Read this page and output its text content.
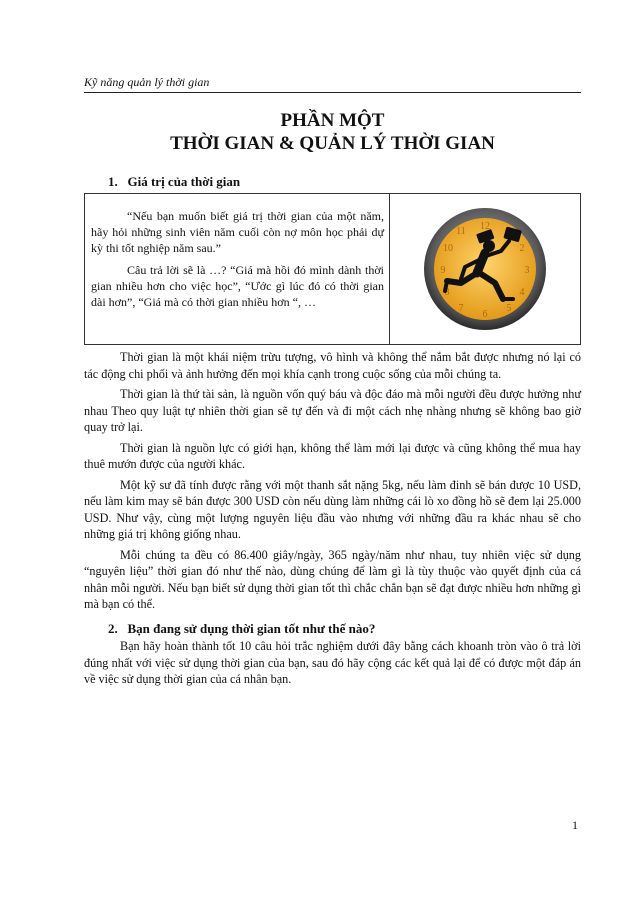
Kỹ năng quản lý thời gian
PHẦN MỘT
THỜI GIAN & QUẢN LÝ THỜI GIAN
1. Giá trị của thời gian

“Nếu bạn muốn biết giá trị thời gian của một năm, hãy hỏi những sinh viên năm cuối còn nợ môn học phải dự kỳ thi tốt nghiệp năm sau.”

Câu trả lời sẽ là …? “Giá mà hồi đó mình dành thời gian nhiều hơn cho việc học”, “Ước gì lúc đó có thời gian dài hơn”, “Giá mà có thời gian nhiều hơn “, …

11 12
2
3
4
5
6
7
8
9
10

Thời gian là một khái niệm trừu tượng, vô hình và không thể nắm bắt được nhưng nó lại có tác động chi phối và ảnh hưởng đến mọi khía cạnh trong cuộc sống của mỗi chúng ta.

Thời gian là thứ tài sản, là nguồn vốn quý báu và độc đáo mà mỗi người đều được hưởng như nhau Theo quy luật tự nhiên thời gian sẽ tự đến và đi một cách nhẹ nhàng nhưng sẽ không bao giờ quay trở lại.

Thời gian là nguồn lực có giới hạn, không thể làm mới lại được và cũng không thể mua hay thuê mướn được của người khác.

Một kỹ sư đã tính được rằng với một thanh sắt nặng 5kg, nếu làm đinh sẽ bán được 10 USD, nếu làm kim may sẽ bán được 300 USD còn nếu dùng làm những cái lò xo đồng hồ sẽ đem lại 25.000 USD. Như vậy, cùng một lượng nguyên liệu đầu vào nhưng với những đầu ra khác nhau sẽ cho những giá trị không giống nhau.

Mỗi chúng ta đều có 86.400 giây/ngày, 365 ngày/năm như nhau, tuy nhiên việc sử dụng “nguyên liệu” thời gian đó như thế nào, dùng chúng để làm gì là tùy thuộc vào quyết định của cá nhân mỗi người. Nếu bạn biết sử dụng thời gian tốt thì chắc chắn bạn sẽ đạt được nhiều hơn những gì mà bạn có thể.

2. Bạn đang sử dụng thời gian tốt như thế nào?

Bạn hãy hoàn thành tốt 10 câu hỏi trắc nghiệm dưới đây bằng cách khoanh tròn vào ô trả lời đúng nhất với việc sử dụng thời gian của bạn, sau đó hãy cộng các kết quả lại để có được một đáp án về việc sử dụng thời gian của cá nhân bạn.

1
